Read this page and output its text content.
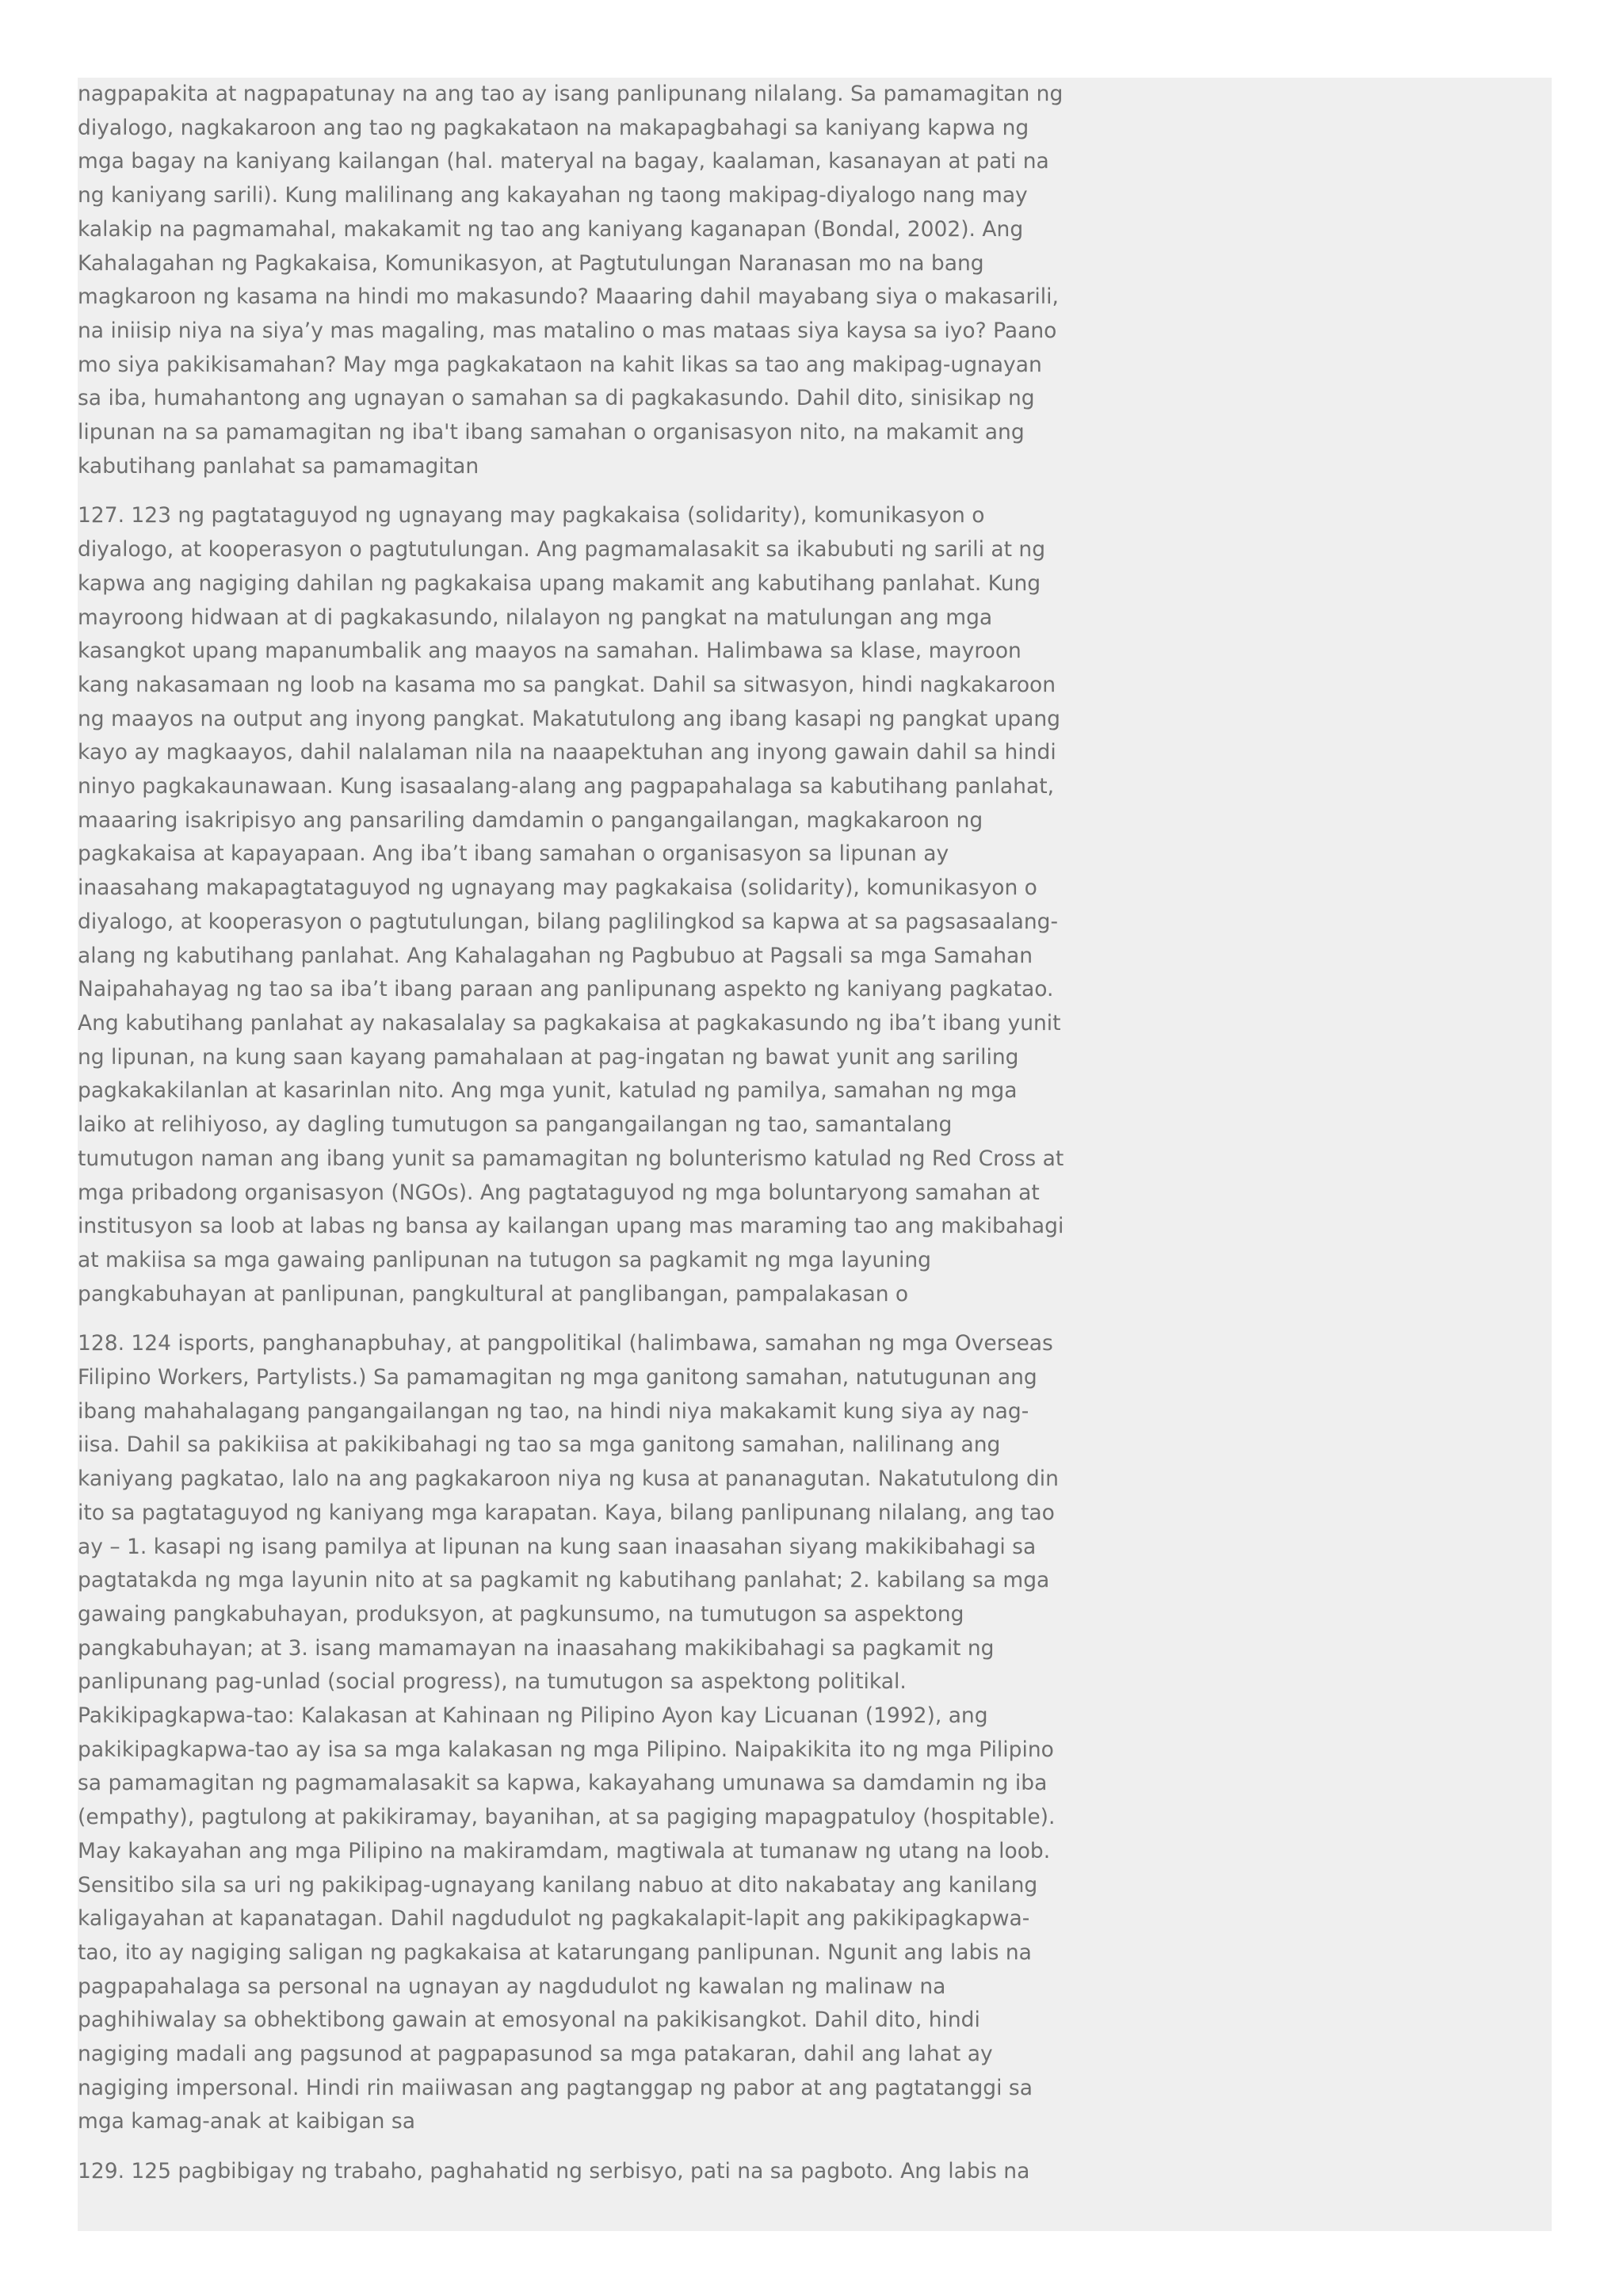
nagpapakita at nagpapatunay na ang tao ay isang panlipunang nilalang. Sa pamamagitan ng diyalogo, nagkakaroon ang tao ng pagkakataon na makapagbahagi sa kaniyang kapwa ng mga bagay na kaniyang kailangan (hal. materyal na bagay, kaalaman, kasanayan at pati na ng kaniyang sarili). Kung malilinang ang kakayahan ng taong makipag-diyalogo nang may kalakip na pagmamahal, makakamit ng tao ang kaniyang kaganapan (Bondal, 2002). Ang Kahalagahan ng Pagkakaisa, Komunikasyon, at Pagtutulungan Naranasan mo na bang magkaroon ng kasama na hindi mo makasundo? Maaaring dahil mayabang siya o makasarili, na iniisip niya na siya’y mas magaling, mas matalino o mas mataas siya kaysa sa iyo? Paano mo siya pakikisamahan? May mga pagkakataon na kahit likas sa tao ang makipag-ugnayan sa iba, humahantong ang ugnayan o samahan sa di pagkakasundo. Dahil dito, sinisikap ng lipunan na sa pamamagitan ng iba't ibang samahan o organisasyon nito, na makamit ang kabutihang panlahat sa pamamagitan

127. 123 ng pagtataguyod ng ugnayang may pagkakaisa (solidarity), komunikasyon o diyalogo, at kooperasyon o pagtutulungan. Ang pagmamalasakit sa ikabubuti ng sarili at ng kapwa ang nagiging dahilan ng pagkakaisa upang makamit ang kabutihang panlahat. Kung mayroong hidwaan at di pagkakasundo, nilalayon ng pangkat na matulungan ang mga kasangkot upang mapanumbalik ang maayos na samahan. Halimbawa sa klase, mayroon kang nakasamaan ng loob na kasama mo sa pangkat. Dahil sa sitwasyon, hindi nagkakaroon ng maayos na output ang inyong pangkat. Makatutulong ang ibang kasapi ng pangkat upang kayo ay magkaayos, dahil nalalaman nila na naaapektuhan ang inyong gawain dahil sa hindi ninyo pagkakaunawaan. Kung isasaalang-alang ang pagpapahalaga sa kabutihang panlahat, maaaring isakripisyo ang pansariling damdamin o pangangailangan, magkakaroon ng pagkakaisa at kapayapaan. Ang iba’t ibang samahan o organisasyon sa lipunan ay inaasahang makapagtataguyod ng ugnayang may pagkakaisa (solidarity), komunikasyon o diyalogo, at kooperasyon o pagtutulungan, bilang paglilingkod sa kapwa at sa pagsasaalang-alang ng kabutihang panlahat. Ang Kahalagahan ng Pagbubuo at Pagsali sa mga Samahan Naipahahayag ng tao sa iba’t ibang paraan ang panlipunang aspekto ng kaniyang pagkatao. Ang kabutihang panlahat ay nakasalalay sa pagkakaisa at pagkakasundo ng iba’t ibang yunit ng lipunan, na kung saan kayang pamahalaan at pag-ingatan ng bawat yunit ang sariling pagkakakilanlan at kasarinlan nito. Ang mga yunit, katulad ng pamilya, samahan ng mga laiko at relihiyoso, ay dagling tumutugon sa pangangailangan ng tao, samantalang tumutugon naman ang ibang yunit sa pamamagitan ng bolunterismo katulad ng Red Cross at mga pribadong organisasyon (NGOs). Ang pagtataguyod ng mga boluntaryong samahan at institusyon sa loob at labas ng bansa ay kailangan upang mas maraming tao ang makibahagi at makiisa sa mga gawaing panlipunan na tutugon sa pagkamit ng mga layuning pangkabuhayan at panlipunan, pangkultural at panglibangan, pampalakasan o

128. 124 isports, panghanapbuhay, at pangpolitikal (halimbawa, samahan ng mga Overseas Filipino Workers, Partylists.) Sa pamamagitan ng mga ganitong samahan, natutugunan ang ibang mahahalagang pangangailangan ng tao, na hindi niya makakamit kung siya ay nag- iisa. Dahil sa pakikiisa at pakikibahagi ng tao sa mga ganitong samahan, nalilinang ang kaniyang pagkatao, lalo na ang pagkakaroon niya ng kusa at pananagutan. Nakatutulong din ito sa pagtataguyod ng kaniyang mga karapatan. Kaya, bilang panlipunang nilalang, ang tao ay – 1. kasapi ng isang pamilya at lipunan na kung saan inaasahan siyang makikibahagi sa pagtatakda ng mga layunin nito at sa pagkamit ng kabutihang panlahat; 2. kabilang sa mga gawaing pangkabuhayan, produksyon, at pagkunsumo, na tumutugon sa aspektong pangkabuhayan; at 3. isang mamamayan na inaasahang makikibahagi sa pagkamit ng panlipunang pag-unlad (social progress), na tumutugon sa aspektong politikal. Pakikipagkapwa-tao: Kalakasan at Kahinaan ng Pilipino Ayon kay Licuanan (1992), ang pakikipagkapwa-tao ay isa sa mga kalakasan ng mga Pilipino. Naipakikita ito ng mga Pilipino sa pamamagitan ng pagmamalasakit sa kapwa, kakayahang umunawa sa damdamin ng iba (empathy), pagtulong at pakikiramay, bayanihan, at sa pagiging mapagpatuloy (hospitable). May kakayahan ang mga Pilipino na makiramdam, magtiwala at tumanaw ng utang na loob. Sensitibo sila sa uri ng pakikipag-ugnayang kanilang nabuo at dito nakabatay ang kanilang kaligayahan at kapanatagan. Dahil nagdudulot ng pagkakalapit-lapit ang pakikipagkapwa-tao, ito ay nagiging saligan ng pagkakaisa at katarungang panlipunan. Ngunit ang labis na pagpapahalaga sa personal na ugnayan ay nagdudulot ng kawalan ng malinaw na paghihiwalay sa obhektibong gawain at emosyonal na pakikisangkot. Dahil dito, hindi nagiging madali ang pagsunod at pagpapasunod sa mga patakaran, dahil ang lahat ay nagiging impersonal. Hindi rin maiiwasan ang pagtanggap ng pabor at ang pagtatanggi sa mga kamag-anak at kaibigan sa

129. 125 pagbibigay ng trabaho, paghahatid ng serbisyo, pati na sa pagboto. Ang labis na
